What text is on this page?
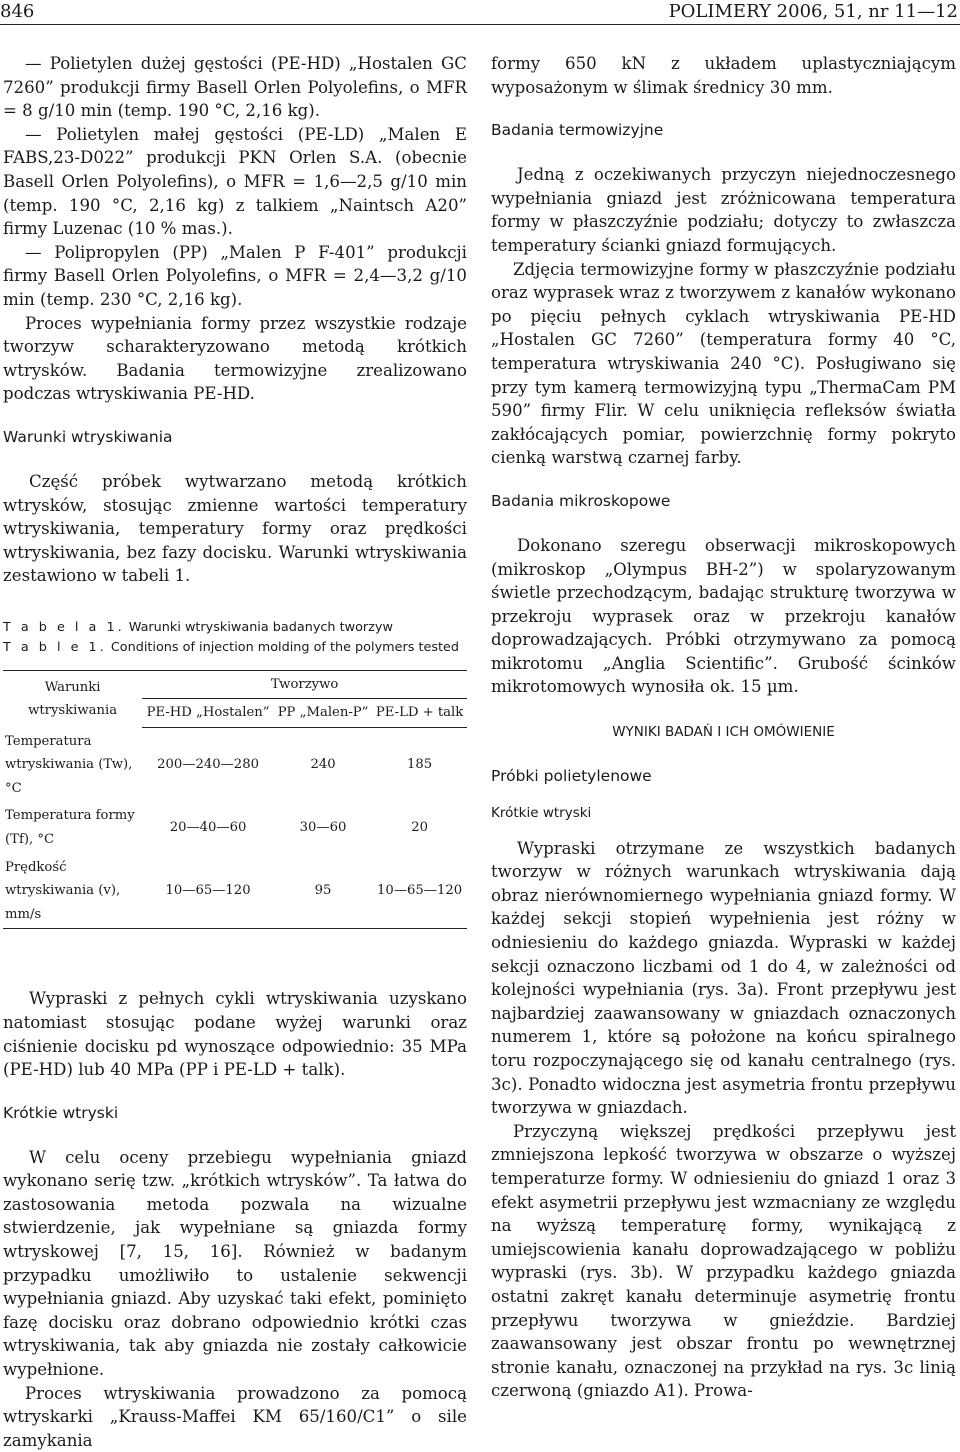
846	POLIMERY 2006, 51, nr 11—12

— Polietylen dużej gęstości (PE-HD) „Hostalen GC 7260” produkcji firmy Basell Orlen Polyolefins, o MFR = 8 g/10 min (temp. 190 °C, 2,16 kg).

— Polietylen małej gęstości (PE-LD) „Malen E FABS,23-D022” produkcji PKN Orlen S.A. (obecnie Basell Orlen Polyolefins), o MFR = 1,6—2,5 g/10 min (temp. 190 °C, 2,16 kg) z talkiem „Naintsch A20” firmy Luzenac (10 % mas.).

— Polipropylen (PP) „Malen P F-401” produkcji firmy Basell Orlen Polyolefins, o MFR = 2,4—3,2 g/10 min (temp. 230 °C, 2,16 kg).

Proces wypełniania formy przez wszystkie rodzaje tworzyw scharakteryzowano metodą krótkich wtrysków. Badania termowizyjne zrealizowano podczas wtryskiwania PE-HD.

Warunki wtryskiwania

Część próbek wytwarzano metodą krótkich wtrysków, stosując zmienne wartości temperatury wtryskiwania, temperatury formy oraz prędkości wtryskiwania, bez fazy docisku. Warunki wtryskiwania zestawiono w tabeli 1.

T a b e l a 1. Warunki wtryskiwania badanych tworzyw
T a b l e 1. Conditions of injection molding of the polymers tested
Warunki wtryskiwania	Tworzywo		
	PE-HD „Hostalen”	PP „Malen-P”	PE-LD + talk
Temperatura wtryskiwania (Tw), °C	200—240—280	240	185
Temperatura formy (Tf), °C	20—40—60	30—60	20
Prędkość wtryskiwania (v), mm/s	10—65—120	95	10—65—120

Wypraski z pełnych cykli wtryskiwania uzyskano natomiast stosując podane wyżej warunki oraz ciśnienie docisku pd wynoszące odpowiednio: 35 MPa (PE-HD) lub 40 MPa (PP i PE-LD + talk).

Krótkie wtryski

W celu oceny przebiegu wypełniania gniazd wykonano serię tzw. „krótkich wtrysków”. Ta łatwa do zastosowania metoda pozwala na wizualne stwierdzenie, jak wypełniane są gniazda formy wtryskowej [7, 15, 16]. Również w badanym przypadku umożliwiło to ustalenie sekwencji wypełniania gniazd. Aby uzyskać taki efekt, pominięto fazę docisku oraz dobrano odpowiednio krótki czas wtryskiwania, tak aby gniazda nie zostały całkowicie wypełnione.

Proces wtryskiwania prowadzono za pomocą wtryskarki „Krauss-Maffei KM 65/160/C1” o sile zamykania

formy 650 kN z układem uplastyczniającym wyposażonym w ślimak średnicy 30 mm.

Badania termowizyjne

Jedną z oczekiwanych przyczyn niejednoczesnego wypełniania gniazd jest zróżnicowana temperatura formy w płaszczyźnie podziału; dotyczy to zwłaszcza temperatury ścianki gniazd formujących.

Zdjęcia termowizyjne formy w płaszczyźnie podziału oraz wyprasek wraz z tworzywem z kanałów wykonano po pięciu pełnych cyklach wtryskiwania PE-HD „Hostalen GC 7260” (temperatura formy 40 °C, temperatura wtryskiwania 240 °C). Posługiwano się przy tym kamerą termowizyjną typu „ThermaCam PM 590” firmy Flir. W celu uniknięcia refleksów światła zakłócających pomiar, powierzchnię formy pokryto cienką warstwą czarnej farby.

Badania mikroskopowe

Dokonano szeregu obserwacji mikroskopowych (mikroskop „Olympus BH-2”) w spolaryzowanym świetle przechodzącym, badając strukturę tworzywa w przekroju wyprasek oraz w przekroju kanałów doprowadzających. Próbki otrzymywano za pomocą mikrotomu „Anglia Scientific”. Grubość ścinków mikrotomowych wynosiła ok. 15 µm.

WYNIKI BADAŃ I ICH OMÓWIENIE
Próbki polietylenowe
Krótkie wtryski

Wypraski otrzymane ze wszystkich badanych tworzyw w różnych warunkach wtryskiwania dają obraz nierównomiernego wypełniania gniazd formy. W każdej sekcji stopień wypełnienia jest różny w odniesieniu do każdego gniazda. Wypraski w każdej sekcji oznaczono liczbami od 1 do 4, w zależności od kolejności wypełniania (rys. 3a). Front przepływu jest najbardziej zaawansowany w gniazdach oznaczonych numerem 1, które są położone na końcu spiralnego toru rozpoczynającego się od kanału centralnego (rys. 3c). Ponadto widoczna jest asymetria frontu przepływu tworzywa w gniazdach.

Przyczyną większej prędkości przepływu jest zmniejszona lepkość tworzywa w obszarze o wyższej temperaturze formy. W odniesieniu do gniazd 1 oraz 3 efekt asymetrii przepływu jest wzmacniany ze względu na wyższą temperaturę formy, wynikającą z umiejscowienia kanału doprowadzającego w pobliżu wypraski (rys. 3b). W przypadku każdego gniazda ostatni zakręt kanału determinuje asymetrię frontu przepływu tworzywa w gnieździe. Bardziej zaawansowany jest obszar frontu po wewnętrznej stronie kanału, oznaczonej na przykład na rys. 3c linią czerwoną (gniazdo A1). Prowa-
